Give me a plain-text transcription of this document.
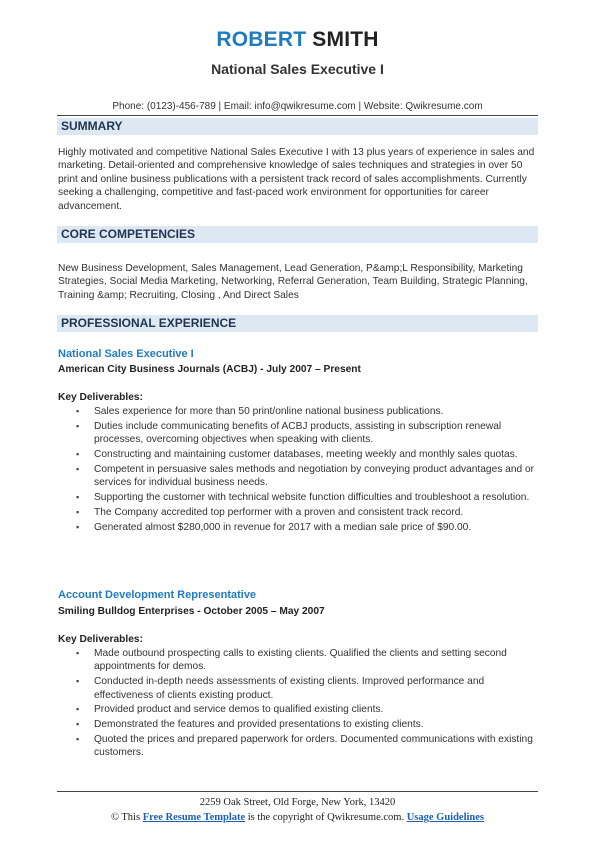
ROBERT SMITH
National Sales Executive I
Phone: (0123)-456-789 | Email: info@qwikresume.com | Website: Qwikresume.com
SUMMARY

Highly motivated and competitive National Sales Executive I with 13 plus years of experience in sales and marketing. Detail-oriented and comprehensive knowledge of sales techniques and strategies in over 50 print and online business publications with a persistent track record of sales accomplishments. Currently seeking a challenging, competitive and fast-paced work environment for opportunities for career advancement.

CORE COMPETENCIES

New Business Development, Sales Management, Lead Generation, P&amp;L Responsibility, Marketing Strategies, Social Media Marketing, Networking, Referral Generation, Team Building, Strategic Planning, Training &amp; Recruiting, Closing , And Direct Sales

PROFESSIONAL EXPERIENCE
National Sales Executive I
American City Business Journals (ACBJ) - July 2007 – Present
Key Deliverables:
▪ Sales experience for more than 50 print/online national business publications.
▪ Duties include communicating benefits of ACBJ products, assisting in subscription renewal processes, overcoming objectives when speaking with clients.
▪ Constructing and maintaining customer databases, meeting weekly and monthly sales quotas.
▪ Competent in persuasive sales methods and negotiation by conveying product advantages and or services for individual business needs.
▪ Supporting the customer with technical website function difficulties and troubleshoot a resolution.
▪ The Company accredited top performer with a proven and consistent track record.
▪ Generated almost $280,000 in revenue for 2017 with a median sale price of $90.00.
Account Development Representative
Smiling Bulldog Enterprises - October 2005 – May 2007
Key Deliverables:
▪ Made outbound prospecting calls to existing clients. Qualified the clients and setting second appointments for demos.
▪ Conducted in-depth needs assessments of existing clients. Improved performance and effectiveness of clients existing product.
▪ Provided product and service demos to qualified existing clients.
▪ Demonstrated the features and provided presentations to existing clients.
▪ Quoted the prices and prepared paperwork for orders. Documented communications with existing customers.
2259 Oak Street, Old Forge, New York, 13420
© This Free Resume Template is the copyright of Qwikresume.com. Usage Guidelines
